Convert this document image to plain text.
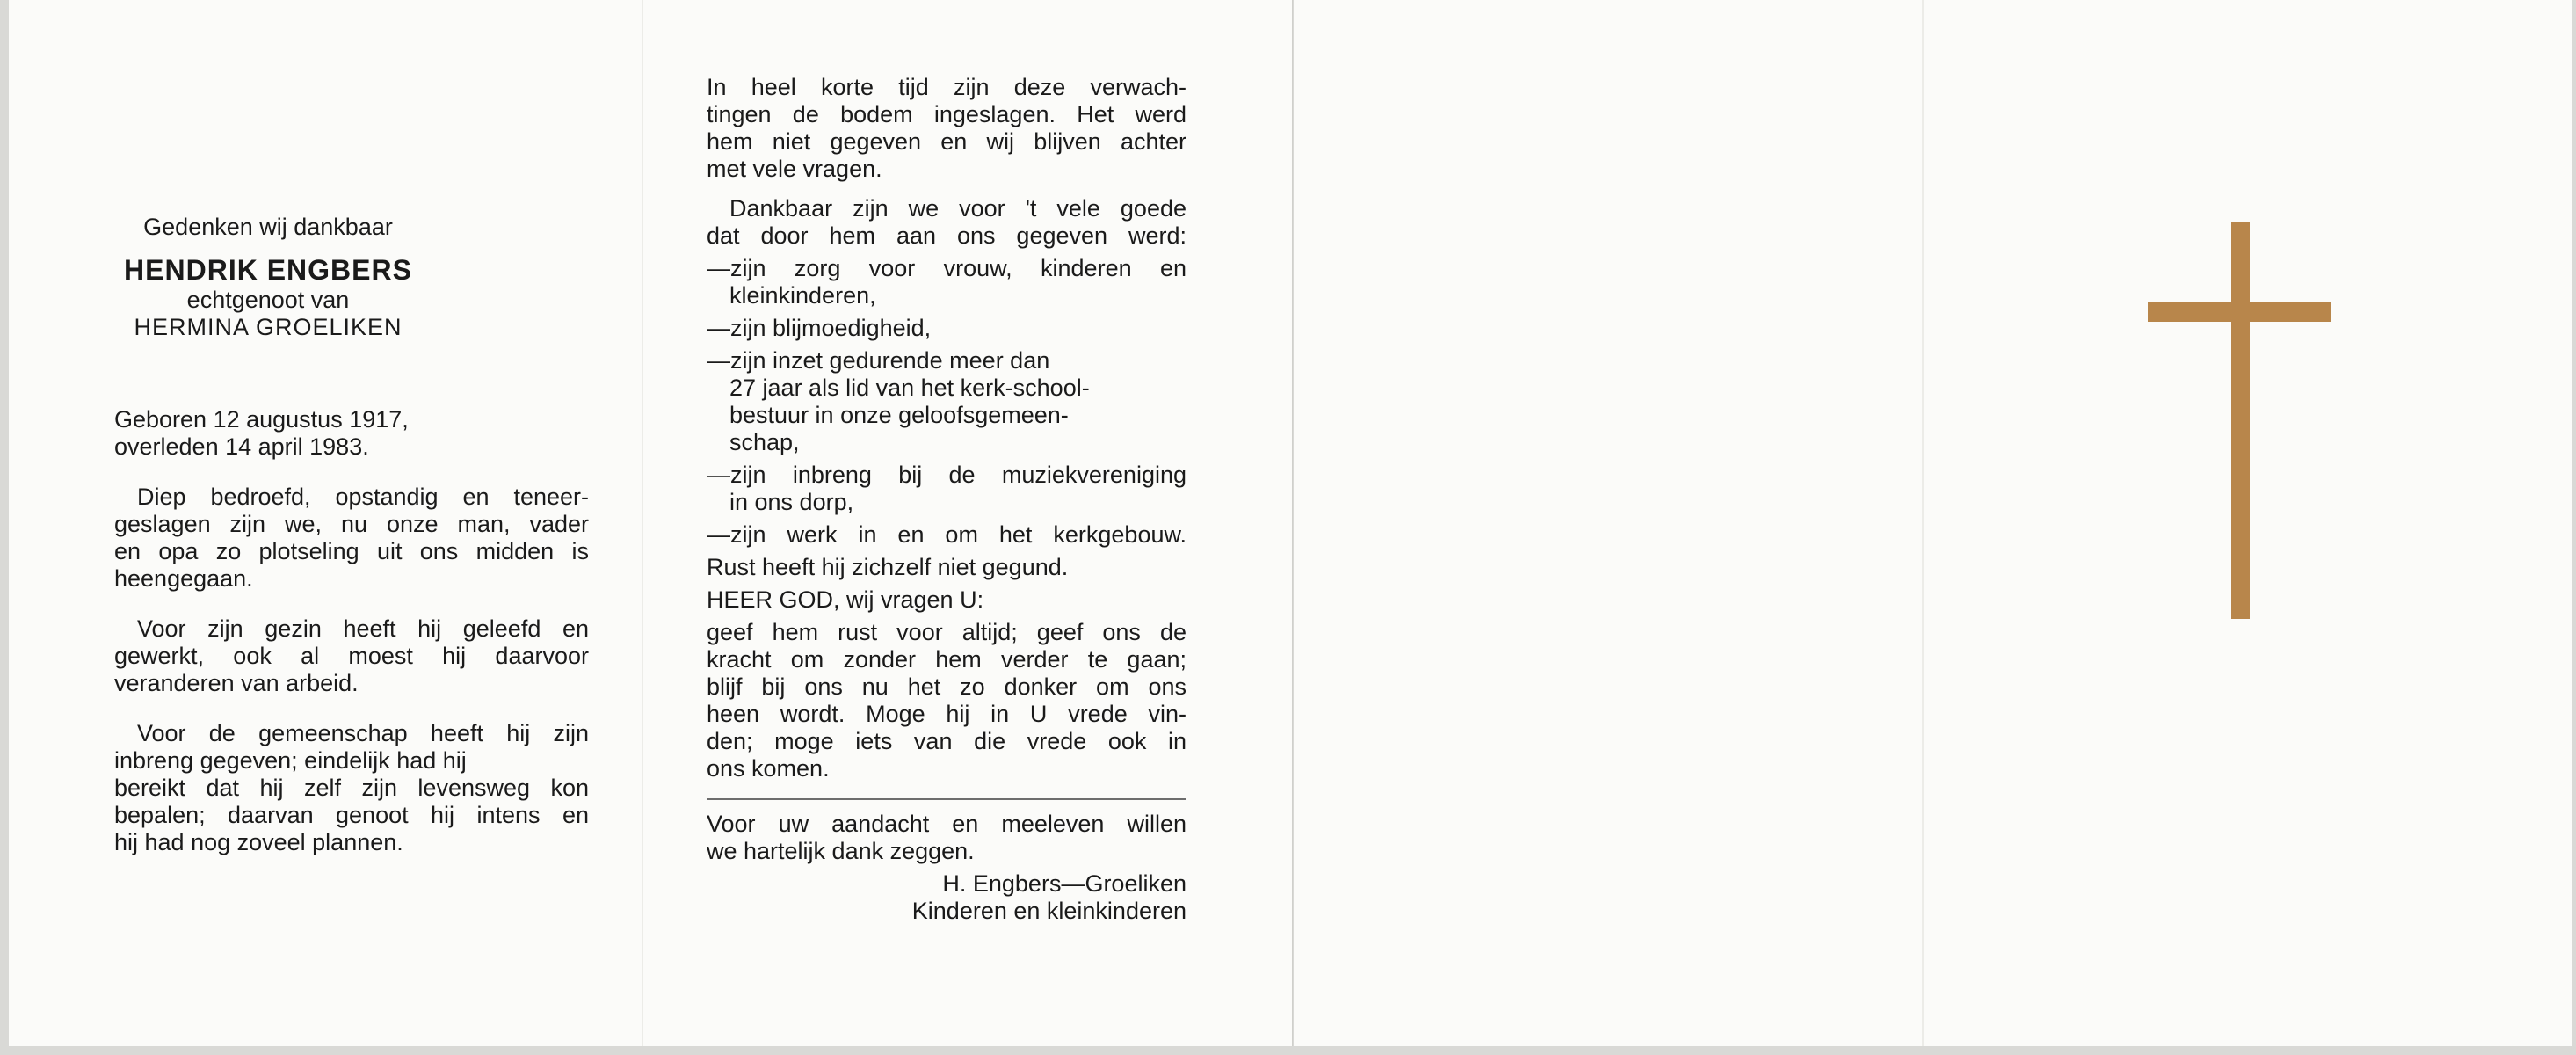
Gedenken wij dankbaar

HENDRIK ENGBERS

echtgenoot van

HERMINA GROELIKEN

Geboren 12 augustus 1917,

overleden 14 april 1983.

Diep bedroefd, opstandig en teneer-

geslagen zijn we, nu onze man, vader

en opa zo plotseling uit ons midden is

heengegaan.

Voor zijn gezin heeft hij geleefd en

gewerkt, ook al moest hij daarvoor

veranderen van arbeid.

Voor de gemeenschap heeft hij zijn

inbreng gegeven; eindelijk had hij

bereikt dat hij zelf zijn levensweg kon

bepalen; daarvan genoot hij intens en

hij had nog zoveel plannen.

In heel korte tijd zijn deze verwach-

tingen de bodem ingeslagen. Het werd

hem niet gegeven en wij blijven achter

met vele vragen.

Dankbaar zijn we voor 't vele goede

dat door hem aan ons gegeven werd:

—zijn zorg voor vrouw, kinderen en

kleinkinderen,

—zijn blijmoedigheid,

—zijn inzet gedurende meer dan

27 jaar als lid van het kerk-school-

bestuur in onze geloofsgemeen-

schap,

—zijn inbreng bij de muziekvereniging

in ons dorp,

—zijn werk in en om het kerkgebouw.

Rust heeft hij zichzelf niet gegund.

HEER GOD, wij vragen U:

geef hem rust voor altijd; geef ons de

kracht om zonder hem verder te gaan;

blijf bij ons nu het zo donker om ons

heen wordt. Moge hij in U vrede vin-

den; moge iets van die vrede ook in

ons komen.

Voor uw aandacht en meeleven willen

we hartelijk dank zeggen.

H. Engbers—Groeliken

Kinderen en kleinkinderen
